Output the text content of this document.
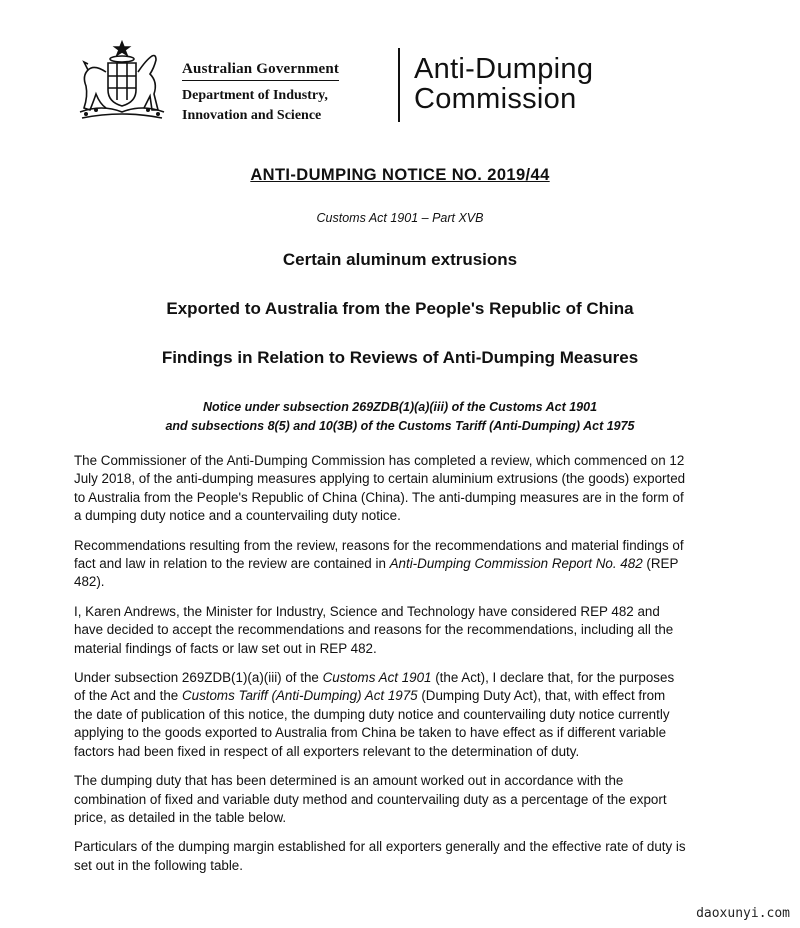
Australian Government
Department of Industry,
Innovation and Science
Anti-Dumping
Commission
ANTI-DUMPING NOTICE NO. 2019/44
Customs Act 1901 – Part XVB
Certain aluminum extrusions
Exported to Australia from the People's Republic of China
Findings in Relation to Reviews of Anti-Dumping Measures
Notice under subsection 269ZDB(1)(a)(iii) of the Customs Act 1901
and subsections 8(5) and 10(3B) of the Customs Tariff (Anti-Dumping) Act 1975

The Commissioner of the Anti-Dumping Commission has completed a review, which commenced on 12 July 2018, of the anti-dumping measures applying to certain aluminium extrusions (the goods) exported to Australia from the People's Republic of China (China). The anti-dumping measures are in the form of a dumping duty notice and a countervailing duty notice.

Recommendations resulting from the review, reasons for the recommendations and material findings of fact and law in relation to the review are contained in Anti-Dumping Commission Report No. 482 (REP 482).

I, Karen Andrews, the Minister for Industry, Science and Technology have considered REP 482 and have decided to accept the recommendations and reasons for the recommendations, including all the material findings of facts or law set out in REP 482.

Under subsection 269ZDB(1)(a)(iii) of the Customs Act 1901 (the Act), I declare that, for the purposes of the Act and the Customs Tariff (Anti-Dumping) Act 1975 (Dumping Duty Act), that, with effect from the date of publication of this notice, the dumping duty notice and countervailing duty notice currently applying to the goods exported to Australia from China be taken to have effect as if different variable factors had been fixed in respect of all exporters relevant to the determination of duty.

The dumping duty that has been determined is an amount worked out in accordance with the combination of fixed and variable duty method and countervailing duty as a percentage of the export price, as detailed in the table below.

Particulars of the dumping margin established for all exporters generally and the effective rate of duty is set out in the following table.

daoxunyi.com
